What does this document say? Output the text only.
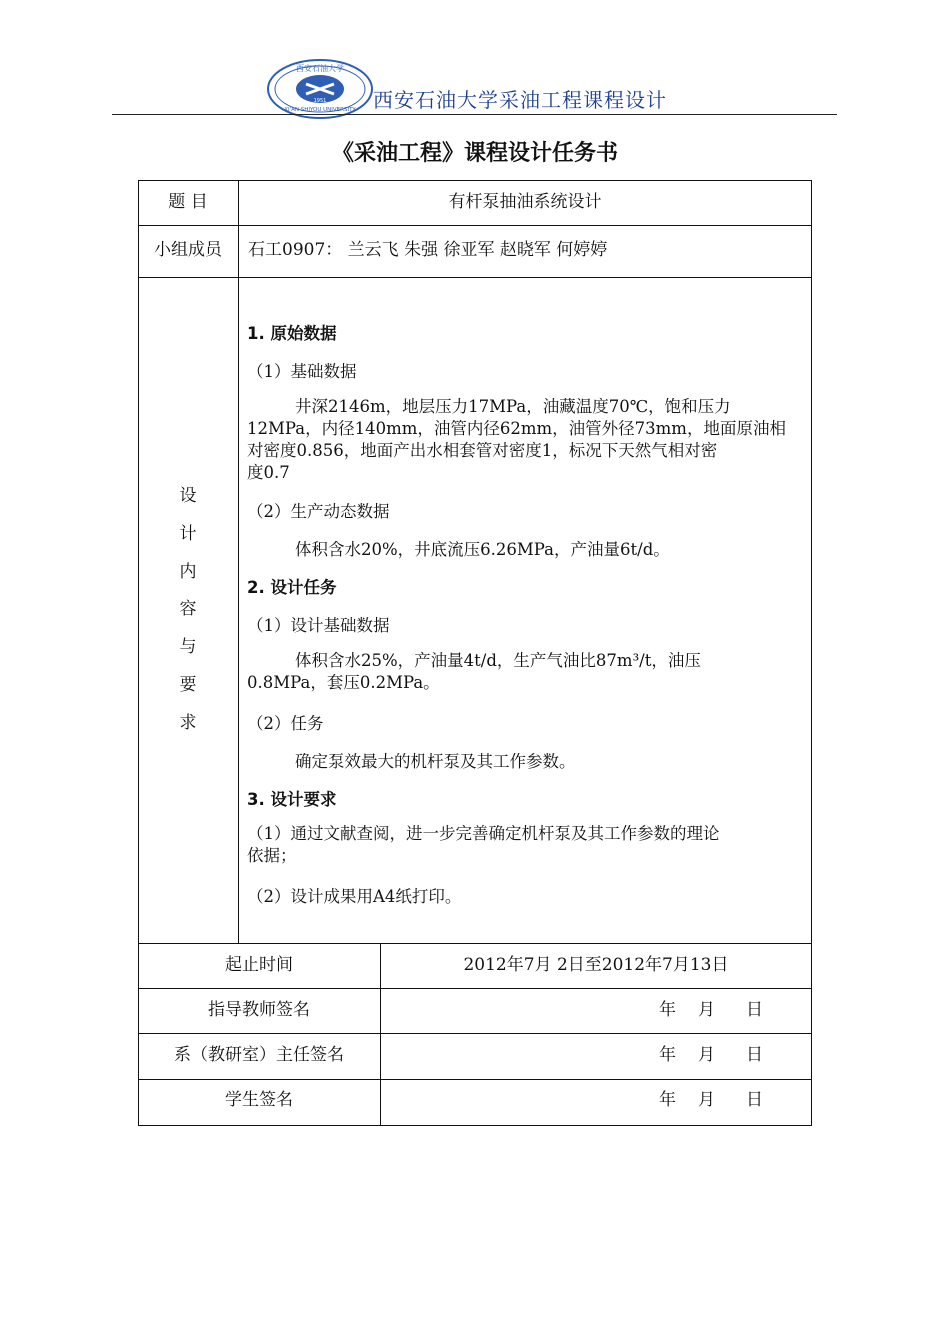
西安石油大学
XI'AN SHIYOU UNIVERSITY
1951 西安石油大学采油工程课程设计
《采油工程》课程设计任务书
题 目	有杆泵抽油系统设计
小组成员	石工0907： 兰云飞 朱强 徐亚军 赵晓军 何婷婷
设
计
内
容
与
要
求
1. 原始数据
（1）基础数据
井深2146m，地层压力17MPa，油藏温度70℃，饱和压力
12MPa，内径140mm，油管内径62mm，油管外径73mm，地面原油相
对密度0.856，地面产出水相套管对密度1，标况下天然气相对密
度0.7
（2）生产动态数据
体积含水20%，井底流压6.26MPa，产油量6t/d。
2. 设计任务
（1）设计基础数据
体积含水25%，产油量4t/d，生产气油比87m³/t，油压
0.8MPa，套压0.2MPa。
（2）任务
确定泵效最大的机杆泵及其工作参数。
3. 设计要求
（1）通过文献查阅，进一步完善确定机杆泵及其工作参数的理论
依据；
（2）设计成果用A4纸打印。
起止时间	2012年7月 2日至2012年7月13日
指导教师签名	年 月 日
系（教研室）主任签名	年 月 日
学生签名	年 月 日
